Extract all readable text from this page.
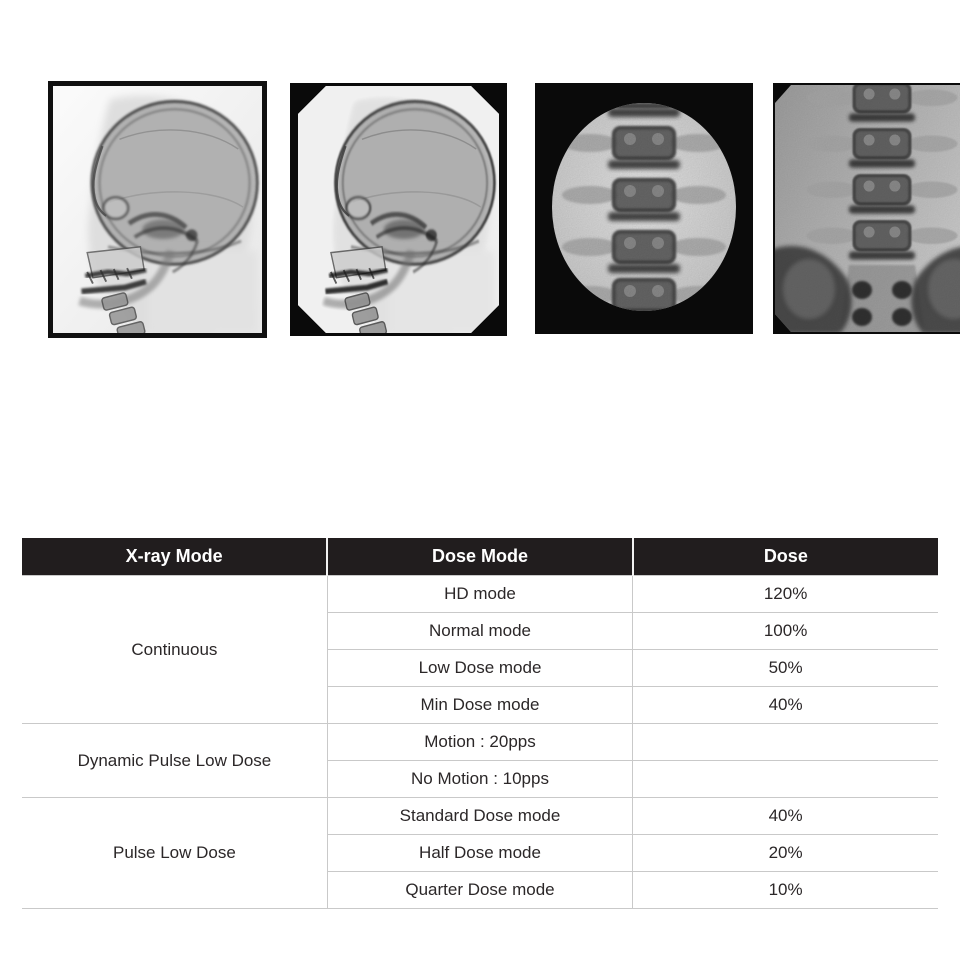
X-ray Mode	Dose Mode	Dose
Continuous	HD mode	120%
	Normal mode	100%
	Low Dose mode	50%
	Min Dose mode	40%
Dynamic Pulse Low Dose	Motion : 20pps	
	No Motion : 10pps	
Pulse Low Dose	Standard Dose mode	40%
	Half Dose mode	20%
	Quarter Dose mode	10%
